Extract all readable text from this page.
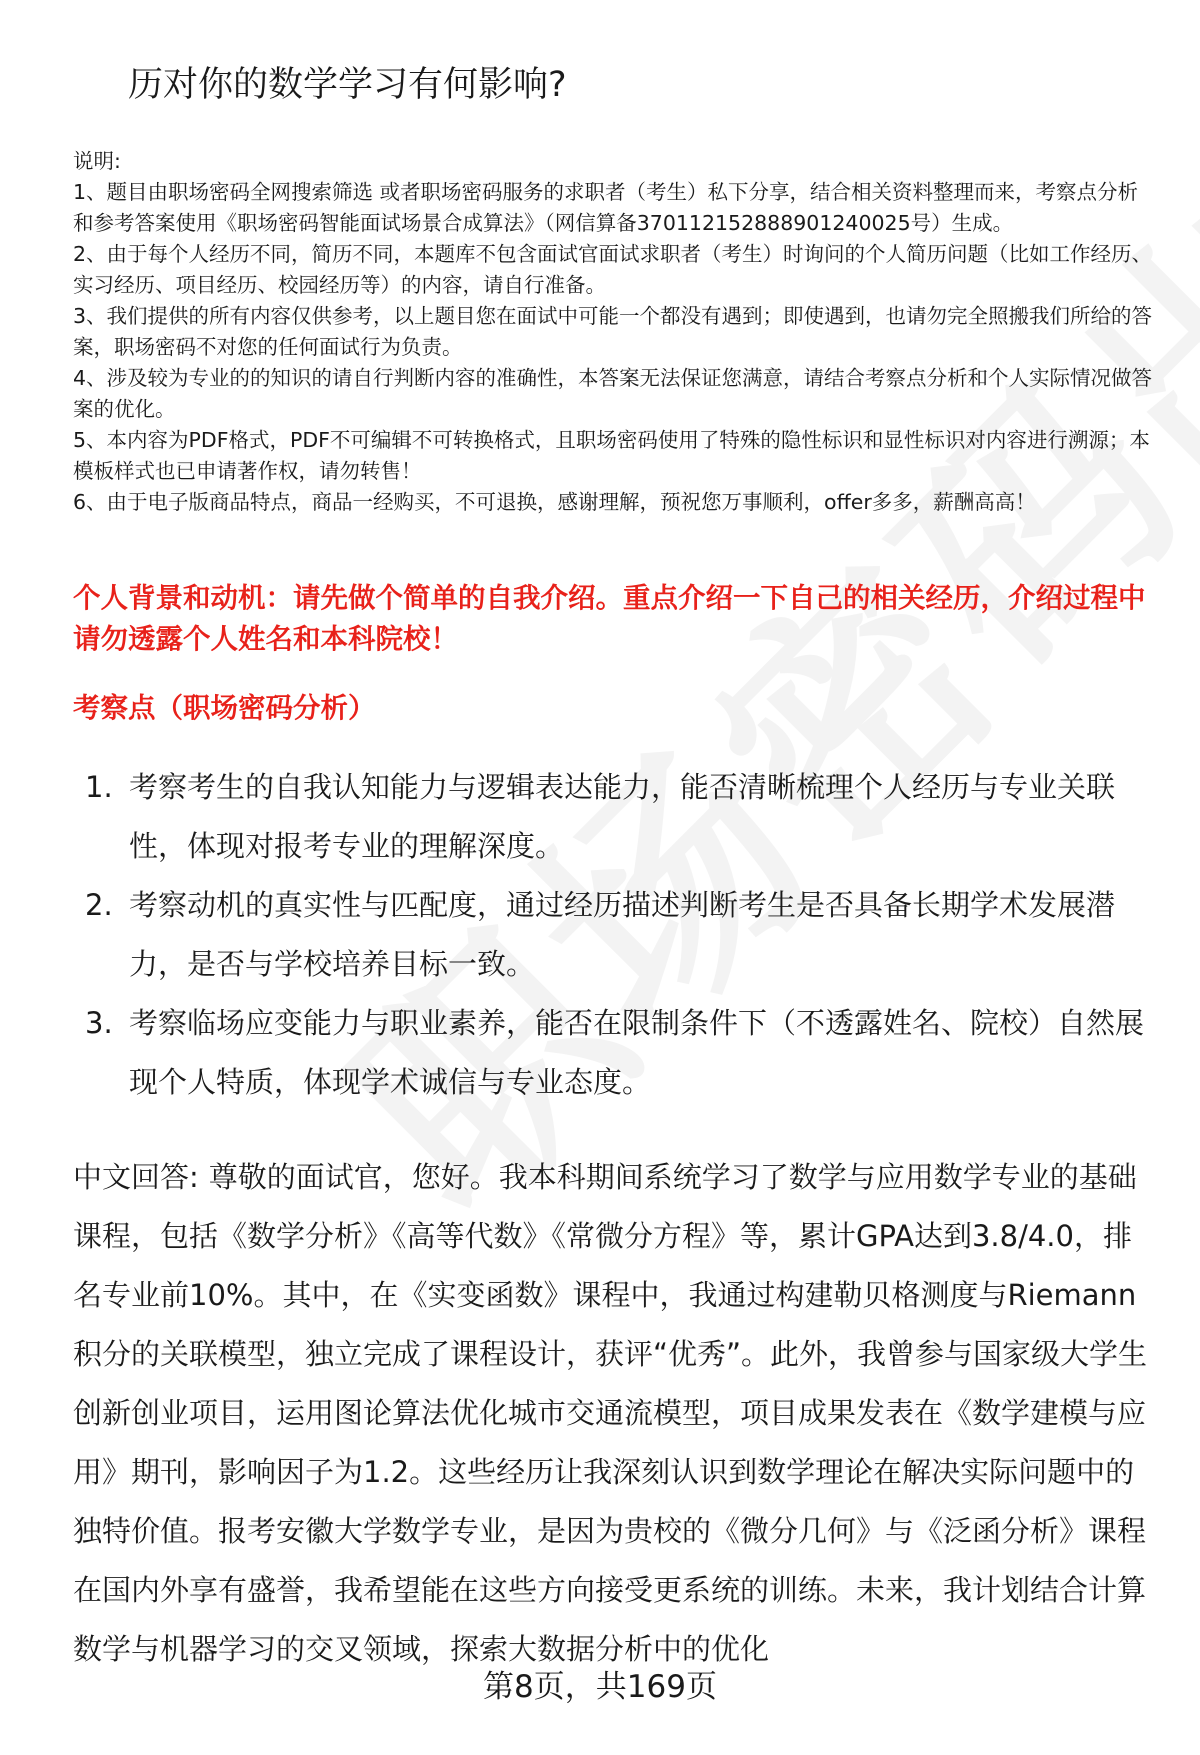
历对你的数学学习有何影响?

说明:

1、题目由职场密码全网搜索筛选 或者职场密码服务的求职者（考生）私下分享，结合相关资料整理而来，考察点分析和参考答案使用《职场密码智能面试场景合成算法》（网信算备370112152888901240025号）生成。

2、由于每个人经历不同，简历不同，本题库不包含面试官面试求职者（考生）时询问的个人简历问题（比如工作经历、实习经历、项目经历、校园经历等）的内容，请自行准备。

3、我们提供的所有内容仅供参考，以上题目您在面试中可能一个都没有遇到；即使遇到，也请勿完全照搬我们所给的答案，职场密码不对您的任何面试行为负责。

4、涉及较为专业的的知识的请自行判断内容的准确性，本答案无法保证您满意，请结合考察点分析和个人实际情况做答案的优化。

5、本内容为PDF格式，PDF不可编辑不可转换格式，且职场密码使用了特殊的隐性标识和显性标识对内容进行溯源；本模板样式也已申请著作权，请勿转售！

6、由于电子版商品特点，商品一经购买，不可退换，感谢理解，预祝您万事顺利，offer多多，薪酬高高！

个人背景和动机：请先做个简单的自我介绍。重点介绍一下自己的相关经历，介绍过程中请勿透露个人姓名和本科院校！
考察点（职场密码分析）
1. 考察考生的自我认知能力与逻辑表达能力，能否清晰梳理个人经历与专业关联性，体现对报考专业的理解深度。
2. 考察动机的真实性与匹配度，通过经历描述判断考生是否具备长期学术发展潜力，是否与学校培养目标一致。
3. 考察临场应变能力与职业素养，能否在限制条件下（不透露姓名、院校）自然展现个人特质，体现学术诚信与专业态度。
中文回答: 尊敬的面试官，您好。我本科期间系统学习了数学与应用数学专业的基础课程，包括《数学分析》《高等代数》《常微分方程》等，累计GPA达到3.8/4.0，排名专业前10%。其中，在《实变函数》课程中，我通过构建勒贝格测度与Riemann积分的关联模型，独立完成了课程设计，获评“优秀”。此外，我曾参与国家级大学生创新创业项目，运用图论算法优化城市交通流模型，项目成果发表在《数学建模与应用》期刊，影响因子为1.2。这些经历让我深刻认识到数学理论在解决实际问题中的独特价值。报考安徽大学数学专业，是因为贵校的《微分几何》与《泛函分析》课程在国内外享有盛誉，我希望能在这些方向接受更系统的训练。未来，我计划结合计算数学与机器学习的交叉领域，探索大数据分析中的优化
第8页，共169页
